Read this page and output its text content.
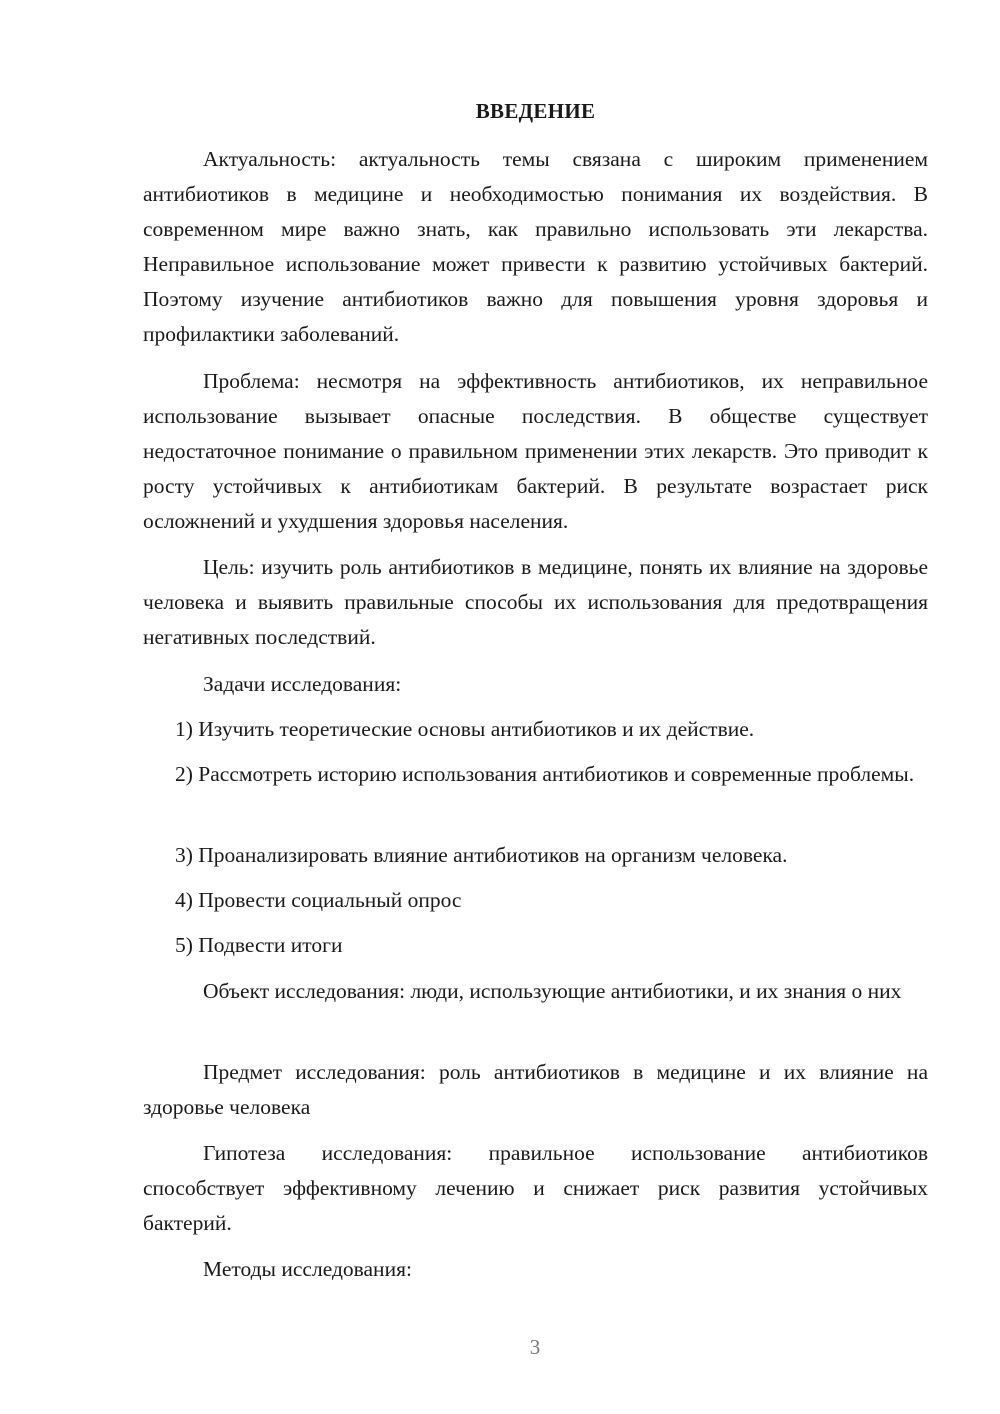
ВВЕДЕНИЕ

Актуальность: актуальность темы связана с широким применением антибиотиков в медицине и необходимостью понимания их воздействия. В современном мире важно знать, как правильно использовать эти лекарства. Неправильное использование может привести к развитию устойчивых бактерий. Поэтому изучение антибиотиков важно для повышения уровня здоровья и профилактики заболеваний.

Проблема: несмотря на эффективность антибиотиков, их неправильное использование вызывает опасные последствия. В обществе существует недостаточное понимание о правильном применении этих лекарств. Это приводит к росту устойчивых к антибиотикам бактерий. В результате возрастает риск осложнений и ухудшения здоровья населения.

Цель: изучить роль антибиотиков в медицине, понять их влияние на здоровье человека и выявить правильные способы их использования для предотвращения негативных последствий.

Задачи исследования:

1) Изучить теоретические основы антибиотиков и их действие.

2) Рассмотреть историю использования антибиотиков и современные проблемы.

3) Проанализировать влияние антибиотиков на организм человека.

4) Провести социальный опрос

5) Подвести итоги

Объект исследования: люди, использующие антибиотики, и их знания о них

Предмет исследования: роль антибиотиков в медицине и их влияние на здоровье человека

Гипотеза исследования: правильное использование антибиотиков способствует эффективному лечению и снижает риск развития устойчивых бактерий.

Методы исследования:

3
